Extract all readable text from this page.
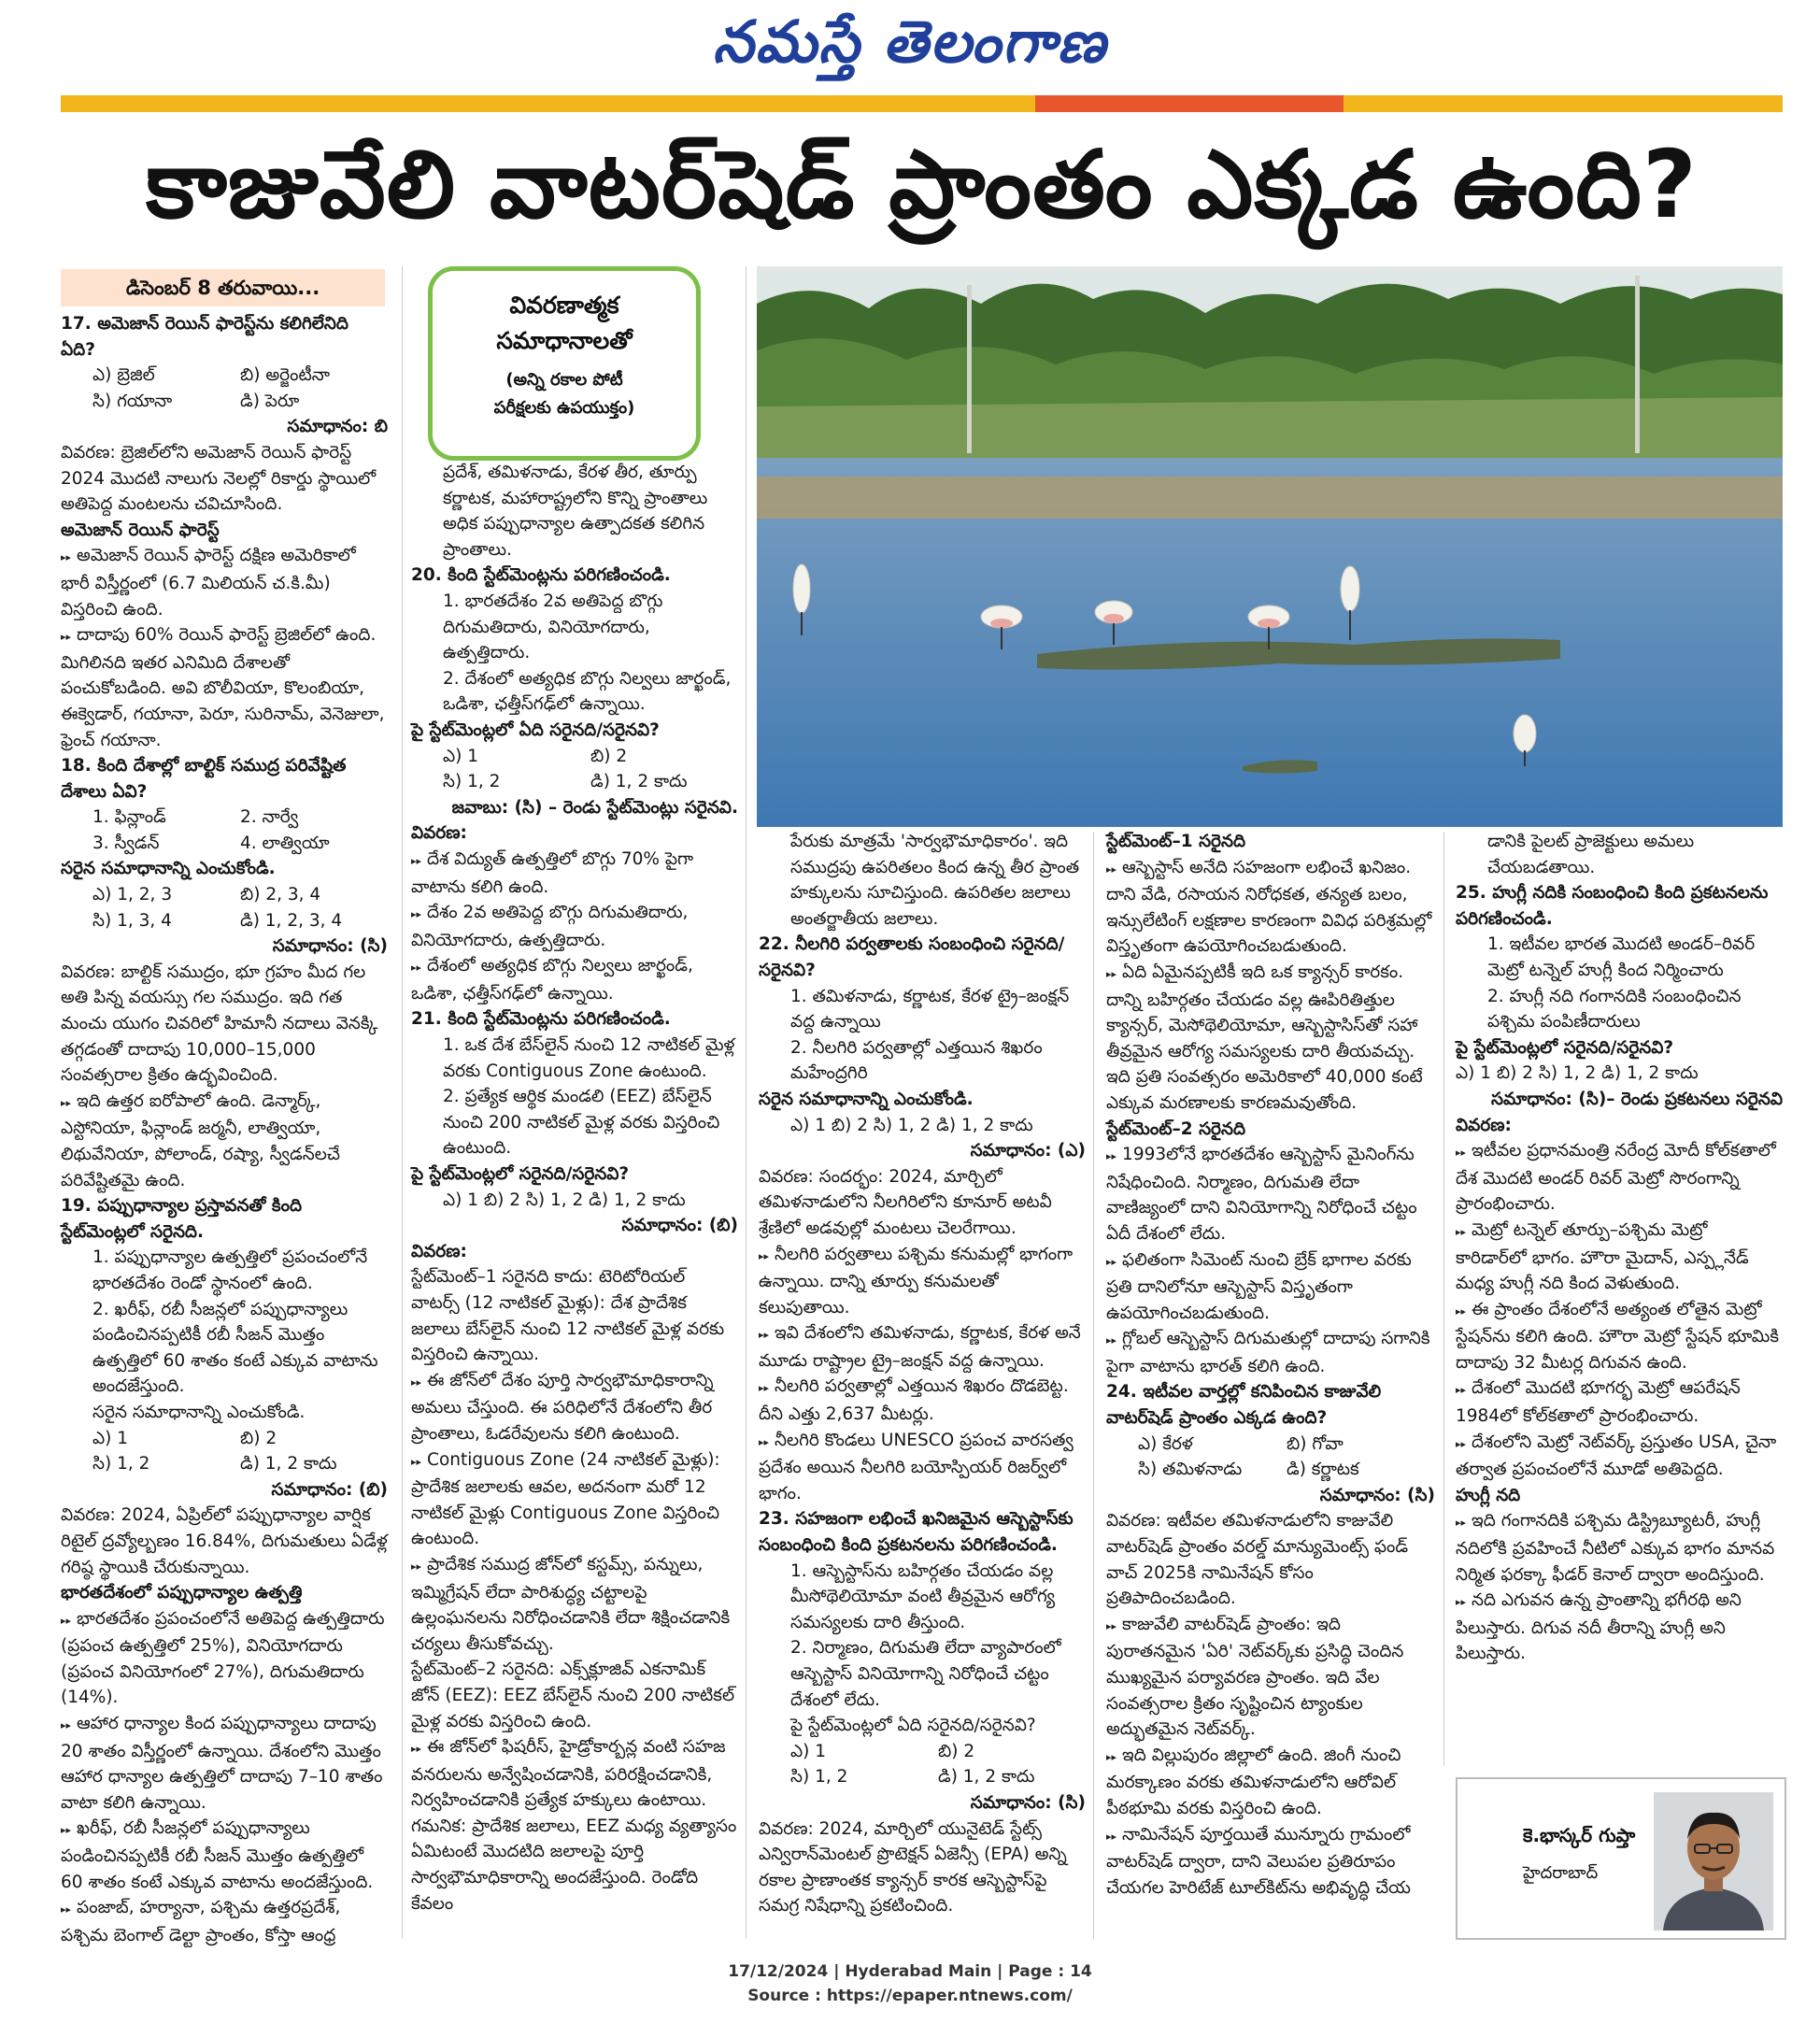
నమస్తే తెలంగాణ
కాజువేలి వాటర్‌షెడ్ ప్రాంతం ఎక్కడ ఉంది?
డిసెంబర్ 8 తరువాయి...

17. అమెజాన్ రెయిన్ ఫారెస్ట్‌ను కలిగిలేనిది ఏది?

ఎ) బ్రెజిల్	బి) అర్జెంటీనా

సి) గయానా	డి) పెరూ

సమాధానం: బి

వివరణ: బ్రెజిల్‌లోని అమెజాన్ రెయిన్ ఫారెస్ట్ 2024 మొదటి నాలుగు నెలల్లో రికార్డు స్థాయిలో అతిపెద్ద మంటలను చవిచూసింది.

అమెజాన్ రెయిన్ ఫారెస్ట్

▸▸ అమెజాన్ రెయిన్ ఫారెస్ట్ దక్షిణ అమెరికాలో భారీ విస్తీర్ణంలో (6.7 మిలియన్ చ.కి.మీ) విస్తరించి ఉంది.

▸▸ దాదాపు 60% రెయిన్ ఫారెస్ట్ బ్రెజిల్‌లో ఉంది. మిగిలినది ఇతర ఎనిమిది దేశాలతో పంచుకోబడింది. అవి బొలీవియా, కొలంబియా, ఈక్వెడార్, గయానా, పెరూ, సురినామ్, వెనెజులా, ఫ్రెంచ్ గయానా.

18. కింది దేశాల్లో బాల్టిక్ సముద్ర పరివేష్టిత దేశాలు ఏవి?

1. ఫిన్లాండ్	2. నార్వే

3. స్వీడన్	4. లాత్వియా

సరైన సమాధానాన్ని ఎంచుకోండి.

ఎ) 1, 2, 3	బి) 2, 3, 4

సి) 1, 3, 4	డి) 1, 2, 3, 4

సమాధానం: (సి)

వివరణ: బాల్టిక్ సముద్రం, భూ గ్రహం మీద గల అతి పిన్న వయస్సు గల సముద్రం. ఇది గత మంచు యుగం చివరిలో హిమానీ నదాలు వెనక్కి తగ్గడంతో దాదాపు 10,000–15,000 సంవత్సరాల క్రితం ఉద్భవించింది.

▸▸ ఇది ఉత్తర ఐరోపాలో ఉంది. డెన్మార్క్, ఎస్టోనియా, ఫిన్లాండ్ జర్మనీ, లాత్వియా, లిథువేనియా, పోలాండ్, రష్యా, స్వీడన్‌లచే పరివేష్టితమై ఉంది.

19. పప్పుధాన్యాల ప్రస్తావనతో కింది స్టేట్‌మెంట్లలో సరైనది.

1. పప్పుధాన్యాల ఉత్పత్తిలో ప్రపంచంలోనే భారతదేశం రెండో స్థానంలో ఉంది.

2. ఖరీఫ్, రబీ సీజన్లలో పప్పుధాన్యాలు పండించినప్పటికీ రబీ సీజన్ మొత్తం ఉత్పత్తిలో 60 శాతం కంటే ఎక్కువ వాటాను అందజేస్తుంది.

సరైన సమాధానాన్ని ఎంచుకోండి.

ఎ) 1	బి) 2

సి) 1, 2	డి) 1, 2 కాదు

సమాధానం: (బి)

వివరణ: 2024, ఏప్రిల్‌లో పప్పుధాన్యాల వార్షిక రిటైల్ ద్రవ్యోల్బణం 16.84%, దిగుమతులు ఏడేళ్ల గరిష్ఠ స్థాయికి చేరుకున్నాయి.

భారతదేశంలో పప్పుధాన్యాల ఉత్పత్తి

▸▸ భారతదేశం ప్రపంచంలోనే అతిపెద్ద ఉత్పత్తిదారు (ప్రపంచ ఉత్పత్తిలో 25%), వినియోగదారు (ప్రపంచ వినియోగంలో 27%), దిగుమతిదారు (14%).

▸▸ ఆహార ధాన్యాల కింద పప్పుధాన్యాలు దాదాపు 20 శాతం విస్తీర్ణంలో ఉన్నాయి. దేశంలోని మొత్తం ఆహార ధాన్యాల ఉత్పత్తిలో దాదాపు 7–10 శాతం వాటా కలిగి ఉన్నాయి.

▸▸ ఖరీఫ్, రబీ సీజన్లలో పప్పుధాన్యాలు పండించినప్పటికీ రబీ సీజన్ మొత్తం ఉత్పత్తిలో 60 శాతం కంటే ఎక్కువ వాటాను అందజేస్తుంది.

▸▸ పంజాబ్, హర్యానా, పశ్చిమ ఉత్తరప్రదేశ్, పశ్చిమ బెంగాల్ డెల్టా ప్రాంతం, కోస్తా ఆంధ్ర

వివరణాత్మక
సమాధానాలతో
(అన్ని రకాల పోటీ
పరీక్షలకు ఉపయుక్తం)

ప్రదేశ్, తమిళనాడు, కేరళ తీర, తూర్పు కర్ణాటక, మహారాష్ట్రలోని కొన్ని ప్రాంతాలు అధిక పప్పుధాన్యాల ఉత్పాదకత కలిగిన ప్రాంతాలు.

20. కింది స్టేట్‌మెంట్లను పరిగణించండి.

1. భారతదేశం 2వ అతిపెద్ద బొగ్గు దిగుమతిదారు, వినియోగదారు, ఉత్పత్తిదారు.

2. దేశంలో అత్యధిక బొగ్గు నిల్వలు జార్ఖండ్, ఒడిశా, ఛత్తీస్‌గఢ్‌లో ఉన్నాయి.

పై స్టేట్‌మెంట్లలో ఏది సరైనది/సరైనవి?

ఎ) 1	బి) 2

సి) 1, 2	డి) 1, 2 కాదు

జవాబు: (సి) – రెండు స్టేట్‌మెంట్లు సరైనవి.

వివరణ:

▸▸ దేశ విద్యుత్ ఉత్పత్తిలో బొగ్గు 70% పైగా వాటాను కలిగి ఉంది.

▸▸ దేశం 2వ అతిపెద్ద బొగ్గు దిగుమతిదారు, వినియోగదారు, ఉత్పత్తిదారు.

▸▸ దేశంలో అత్యధిక బొగ్గు నిల్వలు జార్ఖండ్, ఒడిశా, ఛత్తీస్‌గఢ్‌లో ఉన్నాయి.

21. కింది స్టేట్‌మెంట్లను పరిగణించండి.

1. ఒక దేశ బేస్‌లైన్ నుంచి 12 నాటికల్ మైళ్ల వరకు Contiguous Zone ఉంటుంది.

2. ప్రత్యేక ఆర్థిక మండలి (EEZ) బేస్‌లైన్ నుంచి 200 నాటికల్ మైళ్ల వరకు విస్తరించి ఉంటుంది.

పై స్టేట్‌మెంట్లలో సరైనది/సరైనవి?

ఎ) 1 బి) 2 సి) 1, 2 డి) 1, 2 కాదు

సమాధానం: (బి)

వివరణ:

స్టేట్‌మెంట్–1 సరైనది కాదు: టెరిటోరియల్ వాటర్స్ (12 నాటికల్ మైళ్లు): దేశ ప్రాదేశిక జలాలు బేస్‌లైన్ నుంచి 12 నాటికల్ మైళ్ల వరకు విస్తరించి ఉన్నాయి.

▸▸ ఈ జోన్‌లో దేశం పూర్తి సార్వభౌమాధికారాన్ని అమలు చేస్తుంది. ఈ పరిధిలోనే దేశంలోని తీర ప్రాంతాలు, ఓడరేవులను కలిగి ఉంటుంది.

▸▸ Contiguous Zone (24 నాటికల్ మైళ్లు): ప్రాదేశిక జలాలకు ఆవల, అదనంగా మరో 12 నాటికల్ మైళ్లు Contiguous Zone విస్తరించి ఉంటుంది.

▸▸ ప్రాదేశిక సముద్ర జోన్‌లో కస్టమ్స్, పన్నులు, ఇమ్మిగ్రేషన్ లేదా పారిశుద్ధ్య చట్టాలపై ఉల్లంఘనలను నిరోధించడానికి లేదా శిక్షించడానికి చర్యలు తీసుకోవచ్చు.

స్టేట్‌మెంట్–2 సరైనది: ఎక్స్‌క్లూజివ్ ఎకనామిక్ జోన్ (EEZ): EEZ బేస్‌లైన్ నుంచి 200 నాటికల్ మైళ్ల వరకు విస్తరించి ఉంది.

▸▸ ఈ జోన్‌లో ఫిషరీస్, హైడ్రోకార్బన్ల వంటి సహజ వనరులను అన్వేషించడానికి, పరిరక్షించడానికి, నిర్వహించడానికి ప్రత్యేక హక్కులు ఉంటాయి.

గమనిక: ప్రాదేశిక జలాలు, EEZ మధ్య వ్యత్యాసం ఏమిటంటే మొదటిది జలాలపై పూర్తి సార్వభౌమాధికారాన్ని అందజేస్తుంది. రెండోది కేవలం

పేరుకు మాత్రమే 'సార్వభౌమాధికారం'. ఇది సముద్రపు ఉపరితలం కింద ఉన్న తీర ప్రాంత హక్కులను సూచిస్తుంది. ఉపరితల జలాలు అంతర్జాతీయ జలాలు.

22. నీలగిరి పర్వతాలకు సంబంధించి సరైనది/సరైనవి?

1. తమిళనాడు, కర్ణాటక, కేరళ ట్రై–జంక్షన్ వద్ద ఉన్నాయి

2. నీలగిరి పర్వతాల్లో ఎత్తయిన శిఖరం మహేంద్రగిరి

సరైన సమాధానాన్ని ఎంచుకోండి.

ఎ) 1 బి) 2 సి) 1, 2 డి) 1, 2 కాదు

సమాధానం: (ఎ)

వివరణ: సందర్భం: 2024, మార్చిలో తమిళనాడులోని నీలగిరిలోని కూనూర్ అటవీ శ్రేణిలో అడవుల్లో మంటలు చెలరేగాయి.

▸▸ నీలగిరి పర్వతాలు పశ్చిమ కనుమల్లో భాగంగా ఉన్నాయి. దాన్ని తూర్పు కనుమలతో కలుపుతాయి.

▸▸ ఇవి దేశంలోని తమిళనాడు, కర్ణాటక, కేరళ అనే మూడు రాష్ట్రాల ట్రై–జంక్షన్ వద్ద ఉన్నాయి.

▸▸ నీలగిరి పర్వతాల్లో ఎత్తయిన శిఖరం దొడబెట్ట. దీని ఎత్తు 2,637 మీటర్లు.

▸▸ నీలగిరి కొండలు UNESCO ప్రపంచ వారసత్వ ప్రదేశం అయిన నీలగిరి బయోస్పియర్ రిజర్వ్‌లో భాగం.

23. సహజంగా లభించే ఖనిజమైన ఆస్బెస్టాస్‌కు సంబంధించి కింది ప్రకటనలను పరిగణించండి.

1. ఆస్బెస్టాస్‌ను బహిర్గతం చేయడం వల్ల మీసోథెలియోమా వంటి తీవ్రమైన ఆరోగ్య సమస్యలకు దారి తీస్తుంది.

2. నిర్మాణం, దిగుమతి లేదా వ్యాపారంలో ఆస్బెస్టాస్ వినియోగాన్ని నిరోధించే చట్టం దేశంలో లేదు.

పై స్టేట్‌మెంట్లలో ఏది సరైనది/సరైనవి?

ఎ) 1	బి) 2

సి) 1, 2	డి) 1, 2 కాదు

సమాధానం: (సి)

వివరణ: 2024, మార్చిలో యునైటెడ్ స్టేట్స్ ఎన్విరాన్‌మెంటల్ ప్రొటెక్షన్ ఏజెన్సీ (EPA) అన్ని రకాల ప్రాణాంతక క్యాన్సర్ కారక ఆస్బెస్టాస్‌పై సమగ్ర నిషేధాన్ని ప్రకటించింది.

స్టేట్‌మెంట్–1 సరైనది

▸▸ ఆస్బెస్టాస్ అనేది సహజంగా లభించే ఖనిజం. దాని వేడి, రసాయన నిరోధకత, తన్యత బలం, ఇన్సులేటింగ్ లక్షణాల కారణంగా వివిధ పరిశ్రమల్లో విస్తృతంగా ఉపయోగించబడుతుంది.

▸▸ ఏది ఏమైనప్పటికీ ఇది ఒక క్యాన్సర్ కారకం. దాన్ని బహిర్గతం చేయడం వల్ల ఊపిరితిత్తుల క్యాన్సర్, మెసోథెలియోమా, ఆస్బెస్టాసిస్‌తో సహా తీవ్రమైన ఆరోగ్య సమస్యలకు దారి తీయవచ్చు. ఇది ప్రతి సంవత్సరం అమెరికాలో 40,000 కంటే ఎక్కువ మరణాలకు కారణమవుతోంది.

స్టేట్‌మెంట్–2 సరైనది

▸▸ 1993లోనే భారతదేశం ఆస్బెస్టాస్ మైనింగ్‌ను నిషేధించింది. నిర్మాణం, దిగుమతి లేదా వాణిజ్యంలో దాని వినియోగాన్ని నిరోధించే చట్టం ఏదీ దేశంలో లేదు.

▸▸ ఫలితంగా సిమెంట్ నుంచి బ్రేక్ భాగాల వరకు ప్రతి దానిలోనూ ఆస్బెస్టాస్ విస్తృతంగా ఉపయోగించబడుతుంది.

▸▸ గ్లోబల్ ఆస్బెస్టాస్ దిగుమతుల్లో దాదాపు సగానికి పైగా వాటాను భారత్ కలిగి ఉంది.

24. ఇటీవల వార్తల్లో కనిపించిన కాజువేలి వాటర్‌షెడ్ ప్రాంతం ఎక్కడ ఉంది?

ఎ) కేరళ	బి) గోవా

సి) తమిళనాడు	డి) కర్ణాటక

సమాధానం: (సి)

వివరణ: ఇటీవల తమిళనాడులోని కాజువేలి వాటర్‌షెడ్ ప్రాంతం వరల్డ్ మాన్యుమెంట్స్ ఫండ్ వాచ్ 2025కి నామినేషన్ కోసం ప్రతిపాదించబడింది.

▸▸ కాజువేలి వాటర్‌షెడ్ ప్రాంతం: ఇది పురాతనమైన 'ఏరి' నెట్‌వర్క్‌కు ప్రసిద్ధి చెందిన ముఖ్యమైన పర్యావరణ ప్రాంతం. ఇది వేల సంవత్సరాల క్రితం సృష్టించిన ట్యాంకుల అద్భుతమైన నెట్‌వర్క్.

▸▸ ఇది విల్లుపురం జిల్లాలో ఉంది. జింగీ నుంచి మరక్కాణం వరకు తమిళనాడులోని ఆరోవిల్ పీఠభూమి వరకు విస్తరించి ఉంది.

▸▸ నామినేషన్ పూర్తయితే మున్నూరు గ్రామంలో వాటర్‌షెడ్ ద్వారా, దాని వెలుపల ప్రతిరూపం చేయగల హెరిటేజ్ టూల్‌కిట్‌ను అభివృద్ధి చేయ

డానికి పైలట్ ప్రాజెక్టులు అమలు చేయబడతాయి.

25. హుగ్లీ నదికి సంబంధించి కింది ప్రకటనలను పరిగణించండి.

1. ఇటీవల భారత మొదటి అండర్–రివర్ మెట్రో టన్నెల్ హుగ్లీ కింద నిర్మించారు

2. హుగ్లీ నది గంగానదికి సంబంధించిన పశ్చిమ పంపిణీదారులు

పై స్టేట్‌మెంట్లలో సరైనది/సరైనవి?

ఎ) 1 బి) 2 సి) 1, 2 డి) 1, 2 కాదు

సమాధానం: (సి)– రెండు ప్రకటనలు సరైనవి

వివరణ:

▸▸ ఇటీవల ప్రధానమంత్రి నరేంద్ర మోదీ కోల్‌కతాలో దేశ మొదటి అండర్ రివర్ మెట్రో సొరంగాన్ని ప్రారంభించారు.

▸▸ మెట్రో టన్నెల్ తూర్పు–పశ్చిమ మెట్రో కారిడార్‌లో భాగం. హౌరా మైదాన్, ఎస్ప్లనేడ్ మధ్య హుగ్లీ నది కింద వెళుతుంది.

▸▸ ఈ ప్రాంతం దేశంలోనే అత్యంత లోతైన మెట్రో స్టేషన్‌ను కలిగి ఉంది. హౌరా మెట్రో స్టేషన్ భూమికి దాదాపు 32 మీటర్ల దిగువన ఉంది.

▸▸ దేశంలో మొదటి భూగర్భ మెట్రో ఆపరేషన్ 1984లో కోల్‌కతాలో ప్రారంభించారు.

▸▸ దేశంలోని మెట్రో నెట్‌వర్క్ ప్రస్తుతం USA, చైనా తర్వాత ప్రపంచంలోనే మూడో అతిపెద్దది.

హుగ్లీ నది

▸▸ ఇది గంగానదికి పశ్చిమ డిస్ట్రిబ్యూటరీ, హుగ్లీ నదిలోకి ప్రవహించే నీటిలో ఎక్కువ భాగం మానవ నిర్మిత ఫరక్కా ఫీడర్ కెనాల్ ద్వారా అందిస్తుంది.

▸▸ నది ఎగువన ఉన్న ప్రాంతాన్ని భగీరథి అని పిలుస్తారు. దిగువ నదీ తీరాన్ని హుగ్లీ అని పిలుస్తారు.

కె.భాస్కర్ గుప్తా
హైదరాబాద్
17/12/2024 | Hyderabad Main | Page : 14
Source : https://epaper.ntnews.com/
